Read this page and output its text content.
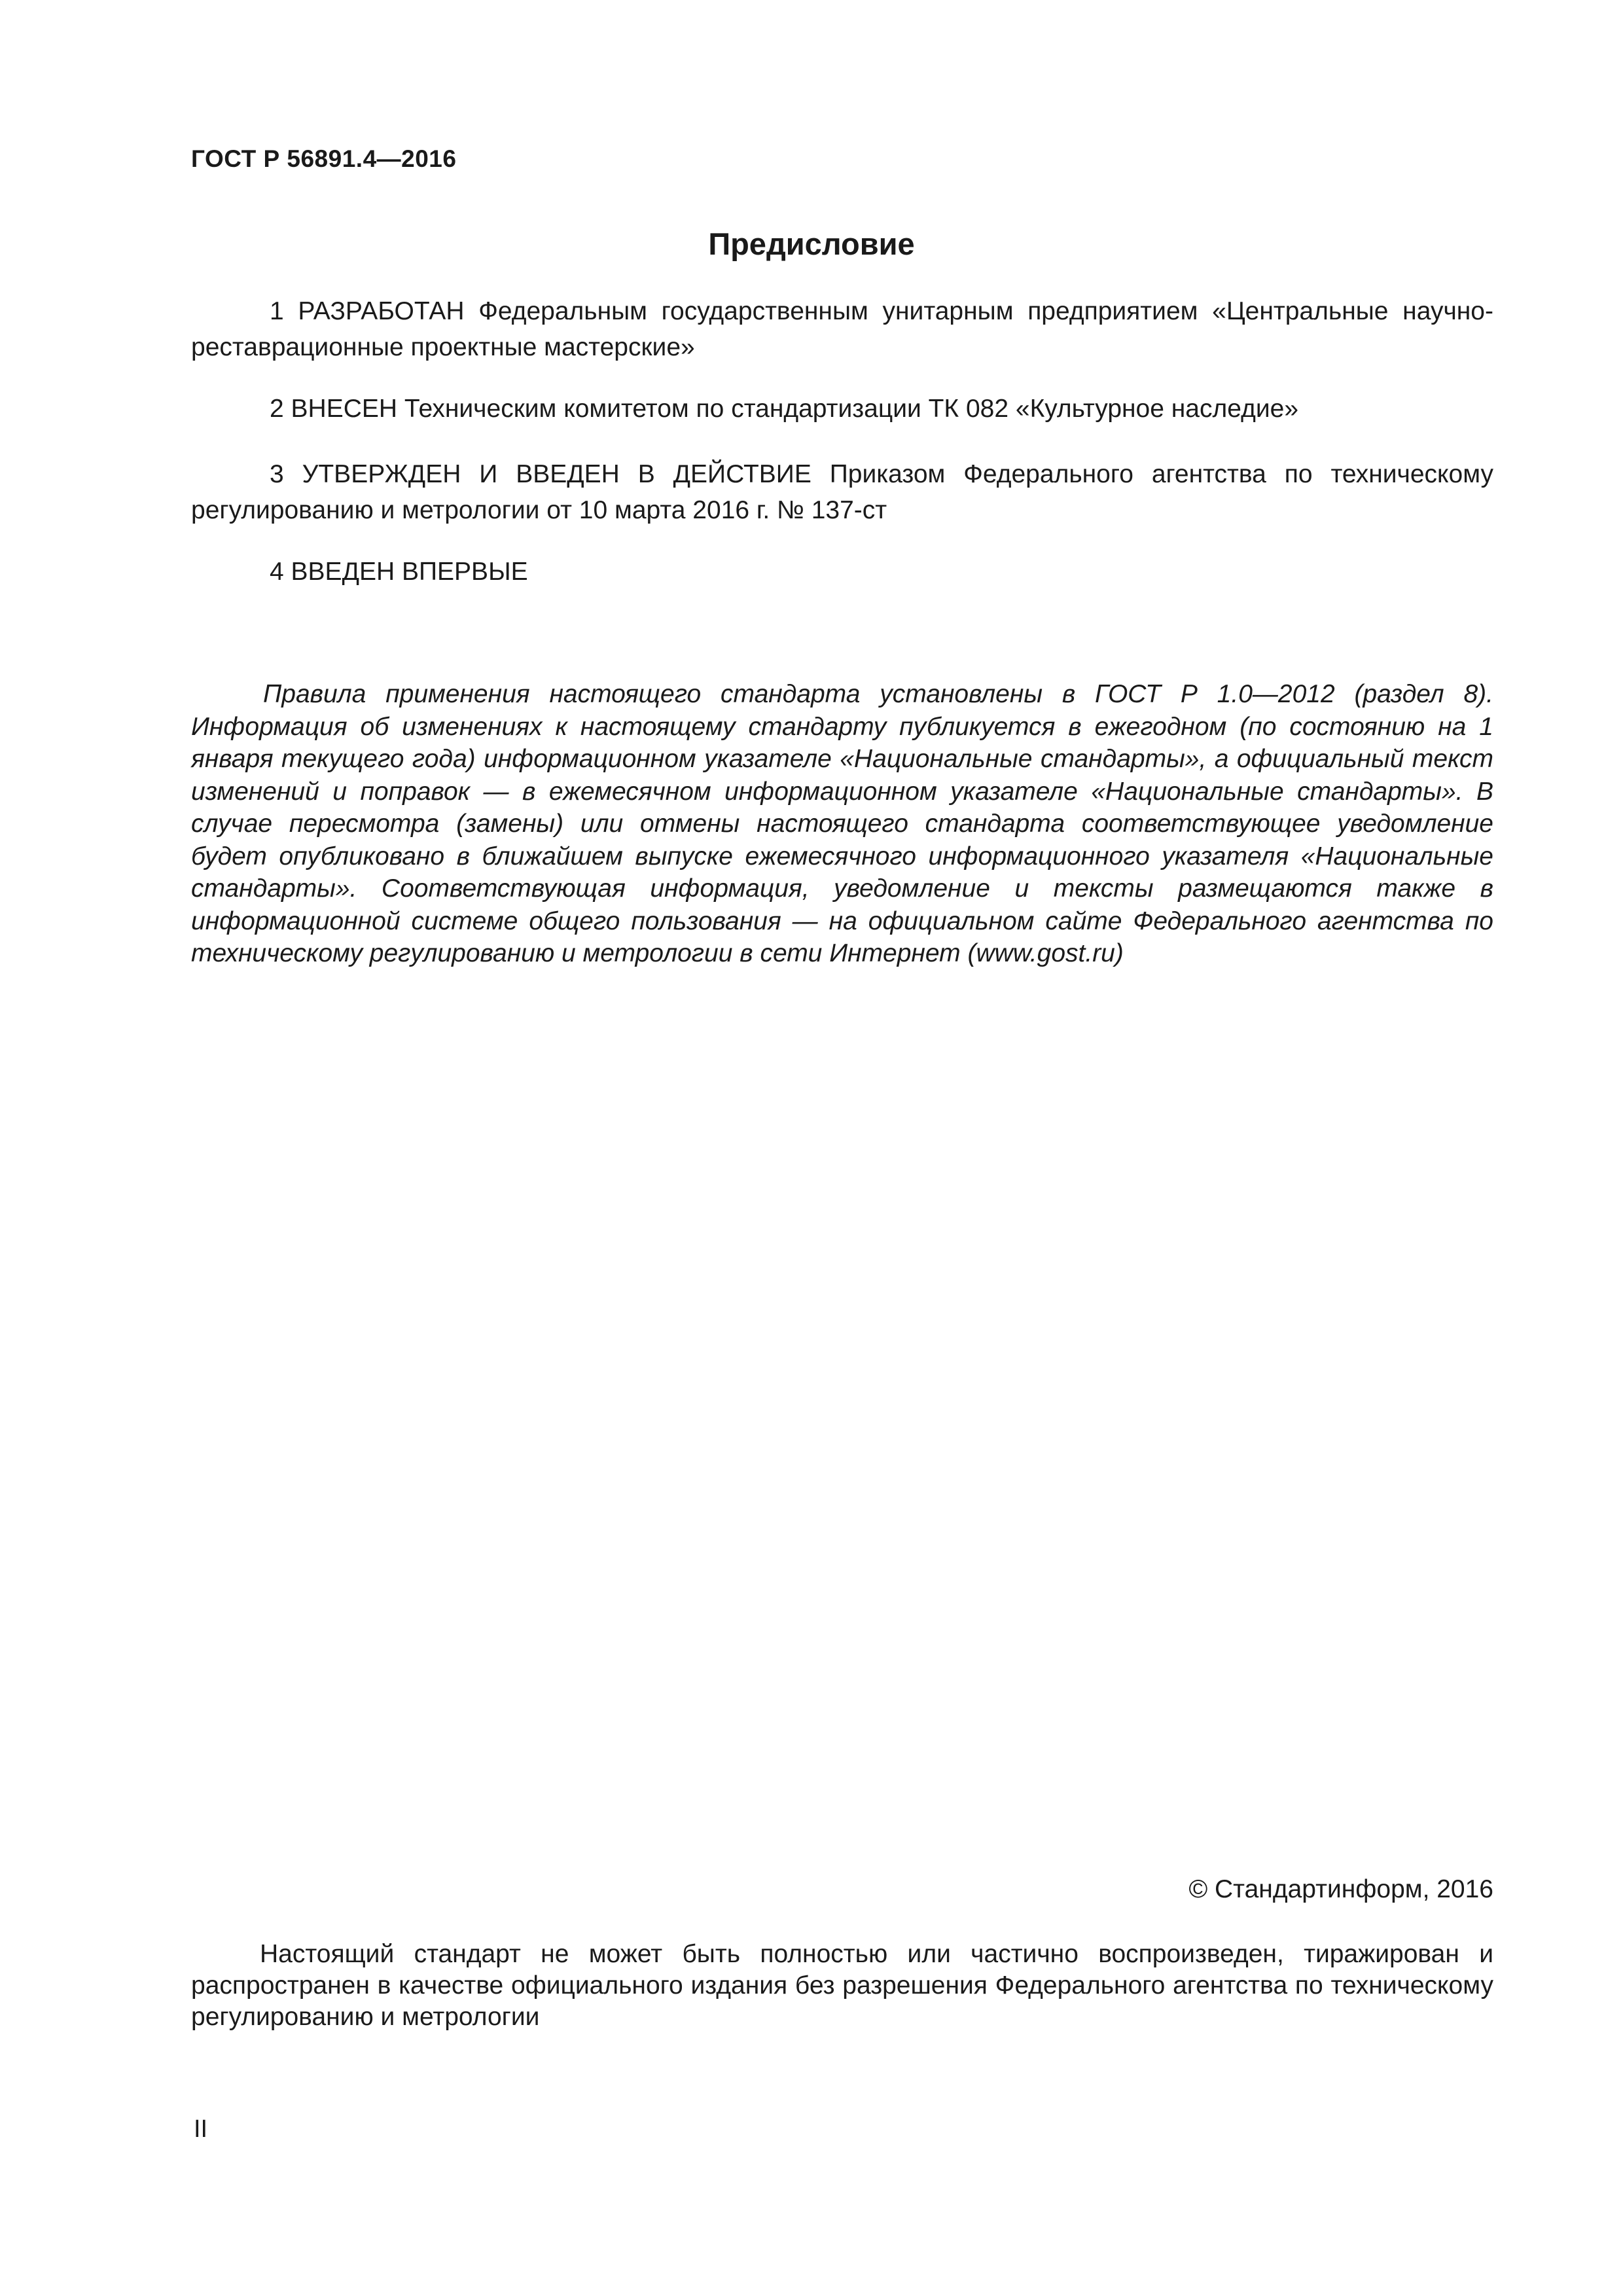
ГОСТ Р 56891.4—2016
Предисловие
1 РАЗРАБОТАН Федеральным государственным унитарным предприятием «Центральные научно-реставрационные проектные мастерские»
2 ВНЕСЕН Техническим комитетом по стандартизации ТК 082 «Культурное наследие»
3 УТВЕРЖДЕН И ВВЕДЕН В ДЕЙСТВИЕ Приказом Федерального агентства по техническому регулированию и метрологии от 10 марта 2016 г. № 137-ст
4 ВВЕДЕН ВПЕРВЫЕ
Правила применения настоящего стандарта установлены в ГОСТ Р 1.0—2012 (раздел 8). Информация об изменениях к настоящему стандарту публикуется в ежегодном (по состоянию на 1 января текущего года) информационном указателе «Национальные стандарты», а официальный текст изменений и поправок — в ежемесячном информационном указателе «Национальные стандарты». В случае пересмотра (замены) или отмены настоящего стандарта соответствующее уведомление будет опубликовано в ближайшем выпуске ежемесячного информационного указателя «Национальные стандарты». Соответствующая информация, уведомление и тексты размещаются также в информационной системе общего пользования — на официальном сайте Федерального агентства по техническому регулированию и метрологии в сети Интернет (www.gost.ru)
© Стандартинформ, 2016
Настоящий стандарт не может быть полностью или частично воспроизведен, тиражирован и распространен в качестве официального издания без разрешения Федерального агентства по техническому регулированию и метрологии
II
